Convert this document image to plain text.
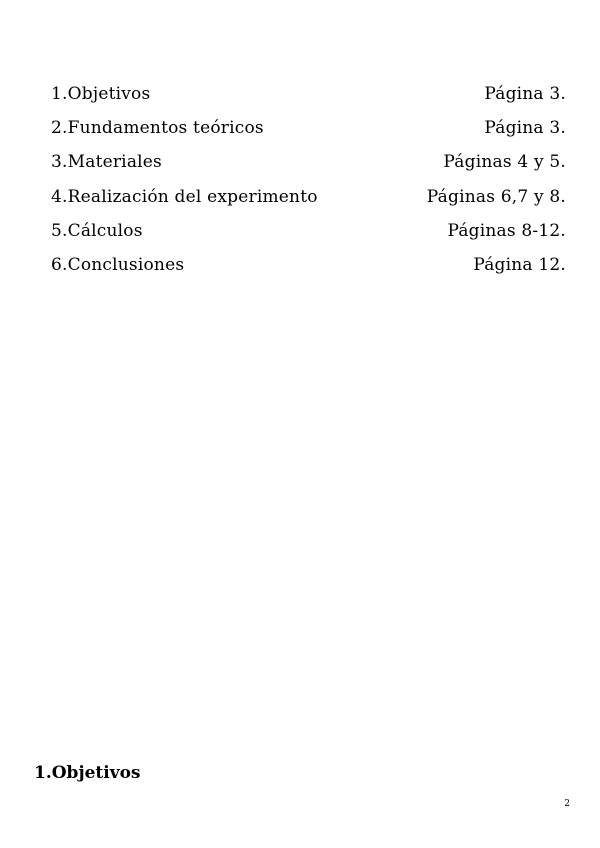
1. Objetivos	Página 3.
2. Fundamentos teóricos	Página 3.
3. Materiales	Páginas 4 y 5.
4. Realización del experimento	Páginas 6,7 y 8.
5. Cálculos	Páginas 8-12.
6. Conclusiones	Página 12.
1.Objetivos
2
